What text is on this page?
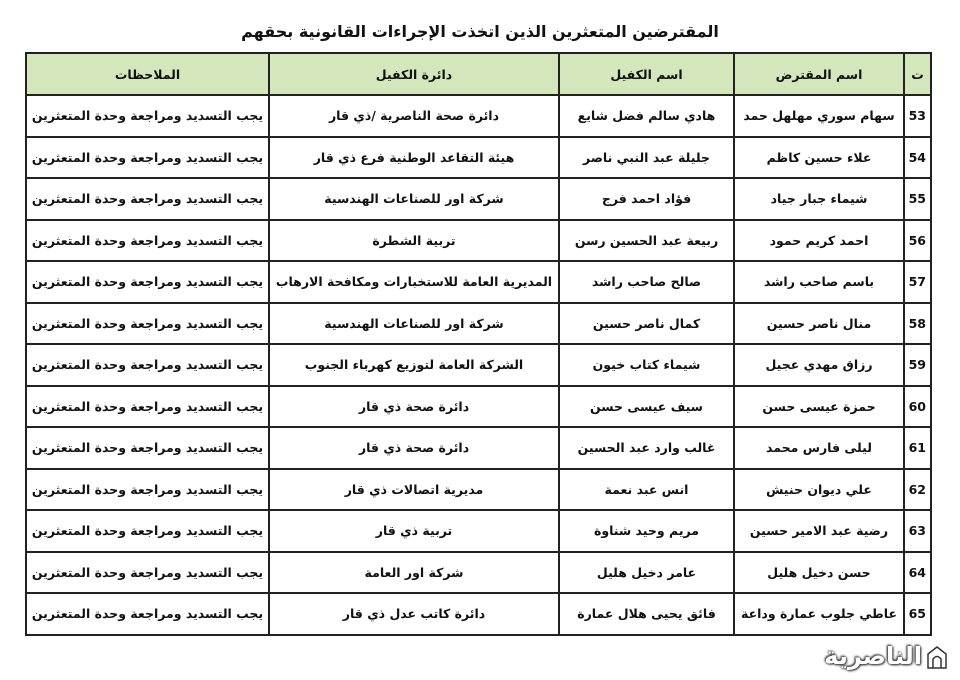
المقترضين المتعثرين الذين اتخذت الإجراءات القانونية بحقهم
ت	اسم المقترض	اسم الكفيل	دائرة الكفيل	الملاحظات
53	سهام سوري مهلهل حمد	هادي سالم فضل شايع	دائرة صحة الناصرية /ذي قار	يجب التسديد ومراجعة وحدة المتعثرين
54	علاء حسين كاظم	جليلة عبد النبي ناصر	هيئة التقاعد الوطنية فرع ذي قار	يجب التسديد ومراجعة وحدة المتعثرين
55	شيماء جبار جياد	فؤاد احمد فرج	شركة اور للصناعات الهندسية	يجب التسديد ومراجعة وحدة المتعثرين
56	احمد كريم حمود	ربيعة عبد الحسين رسن	تربية الشطرة	يجب التسديد ومراجعة وحدة المتعثرين
57	باسم صاحب راشد	صالح صاحب راشد	المديرية العامة للاستخبارات ومكافحة الارهاب	يجب التسديد ومراجعة وحدة المتعثرين
58	منال ناصر حسين	كمال ناصر حسين	شركة اور للصناعات الهندسية	يجب التسديد ومراجعة وحدة المتعثرين
59	رزاق مهدي عجيل	شيماء كتاب خيون	الشركة العامة لتوزيع كهرباء الجنوب	يجب التسديد ومراجعة وحدة المتعثرين
60	حمزة عيسى حسن	سيف عيسى حسن	دائرة صحة ذي قار	يجب التسديد ومراجعة وحدة المتعثرين
61	ليلى فارس محمد	غالب وارد عبد الحسين	دائرة صحة ذي قار	يجب التسديد ومراجعة وحدة المتعثرين
62	علي ديوان حنيش	انس عبد نعمة	مديرية اتصالات ذي قار	يجب التسديد ومراجعة وحدة المتعثرين
63	رضية عبد الامير حسين	مريم وحيد شناوة	تربية ذي قار	يجب التسديد ومراجعة وحدة المتعثرين
64	حسن دخيل هليل	عامر دخيل هليل	شركة اور العامة	يجب التسديد ومراجعة وحدة المتعثرين
65	عاطي جلوب عمارة وداعة	فائق يحيى هلال عمارة	دائرة كاتب عدل ذي قار	يجب التسديد ومراجعة وحدة المتعثرين
الناصرية
